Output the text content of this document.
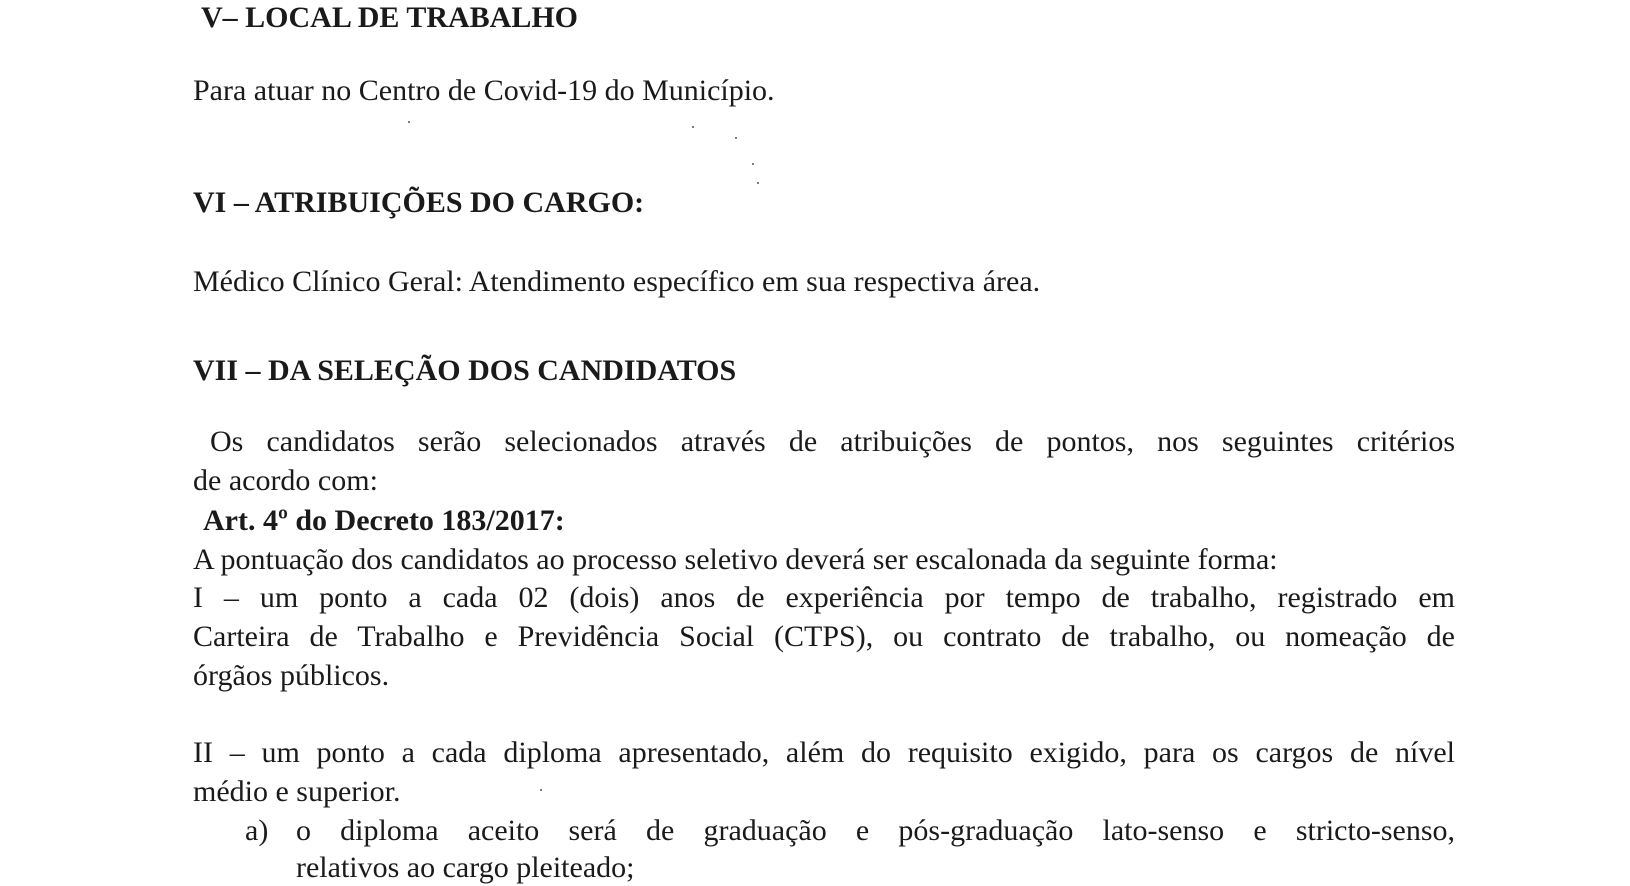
V– LOCAL DE TRABALHO

Para atuar no Centro de Covid-19 do Município.

VI – ATRIBUIÇÕES DO CARGO:

Médico Clínico Geral: Atendimento específico em sua respectiva área.

VII – DA SELEÇÃO DOS CANDIDATOS

Os candidatos serão selecionados através de atribuições de pontos, nos seguintes critérios

de acordo com:

Art. 4º do Decreto 183/2017:

A pontuação dos candidatos ao processo seletivo deverá ser escalonada da seguinte forma:

I – um ponto a cada 02 (dois) anos de experiência por tempo de trabalho, registrado em

Carteira de Trabalho e Previdência Social (CTPS), ou contrato de trabalho, ou nomeação de

órgãos públicos.

II – um ponto a cada diploma apresentado, além do requisito exigido, para os cargos de nível

médio e superior.

a) o diploma aceito será de graduação e pós-graduação lato-senso e stricto-senso,

relativos ao cargo pleiteado;
